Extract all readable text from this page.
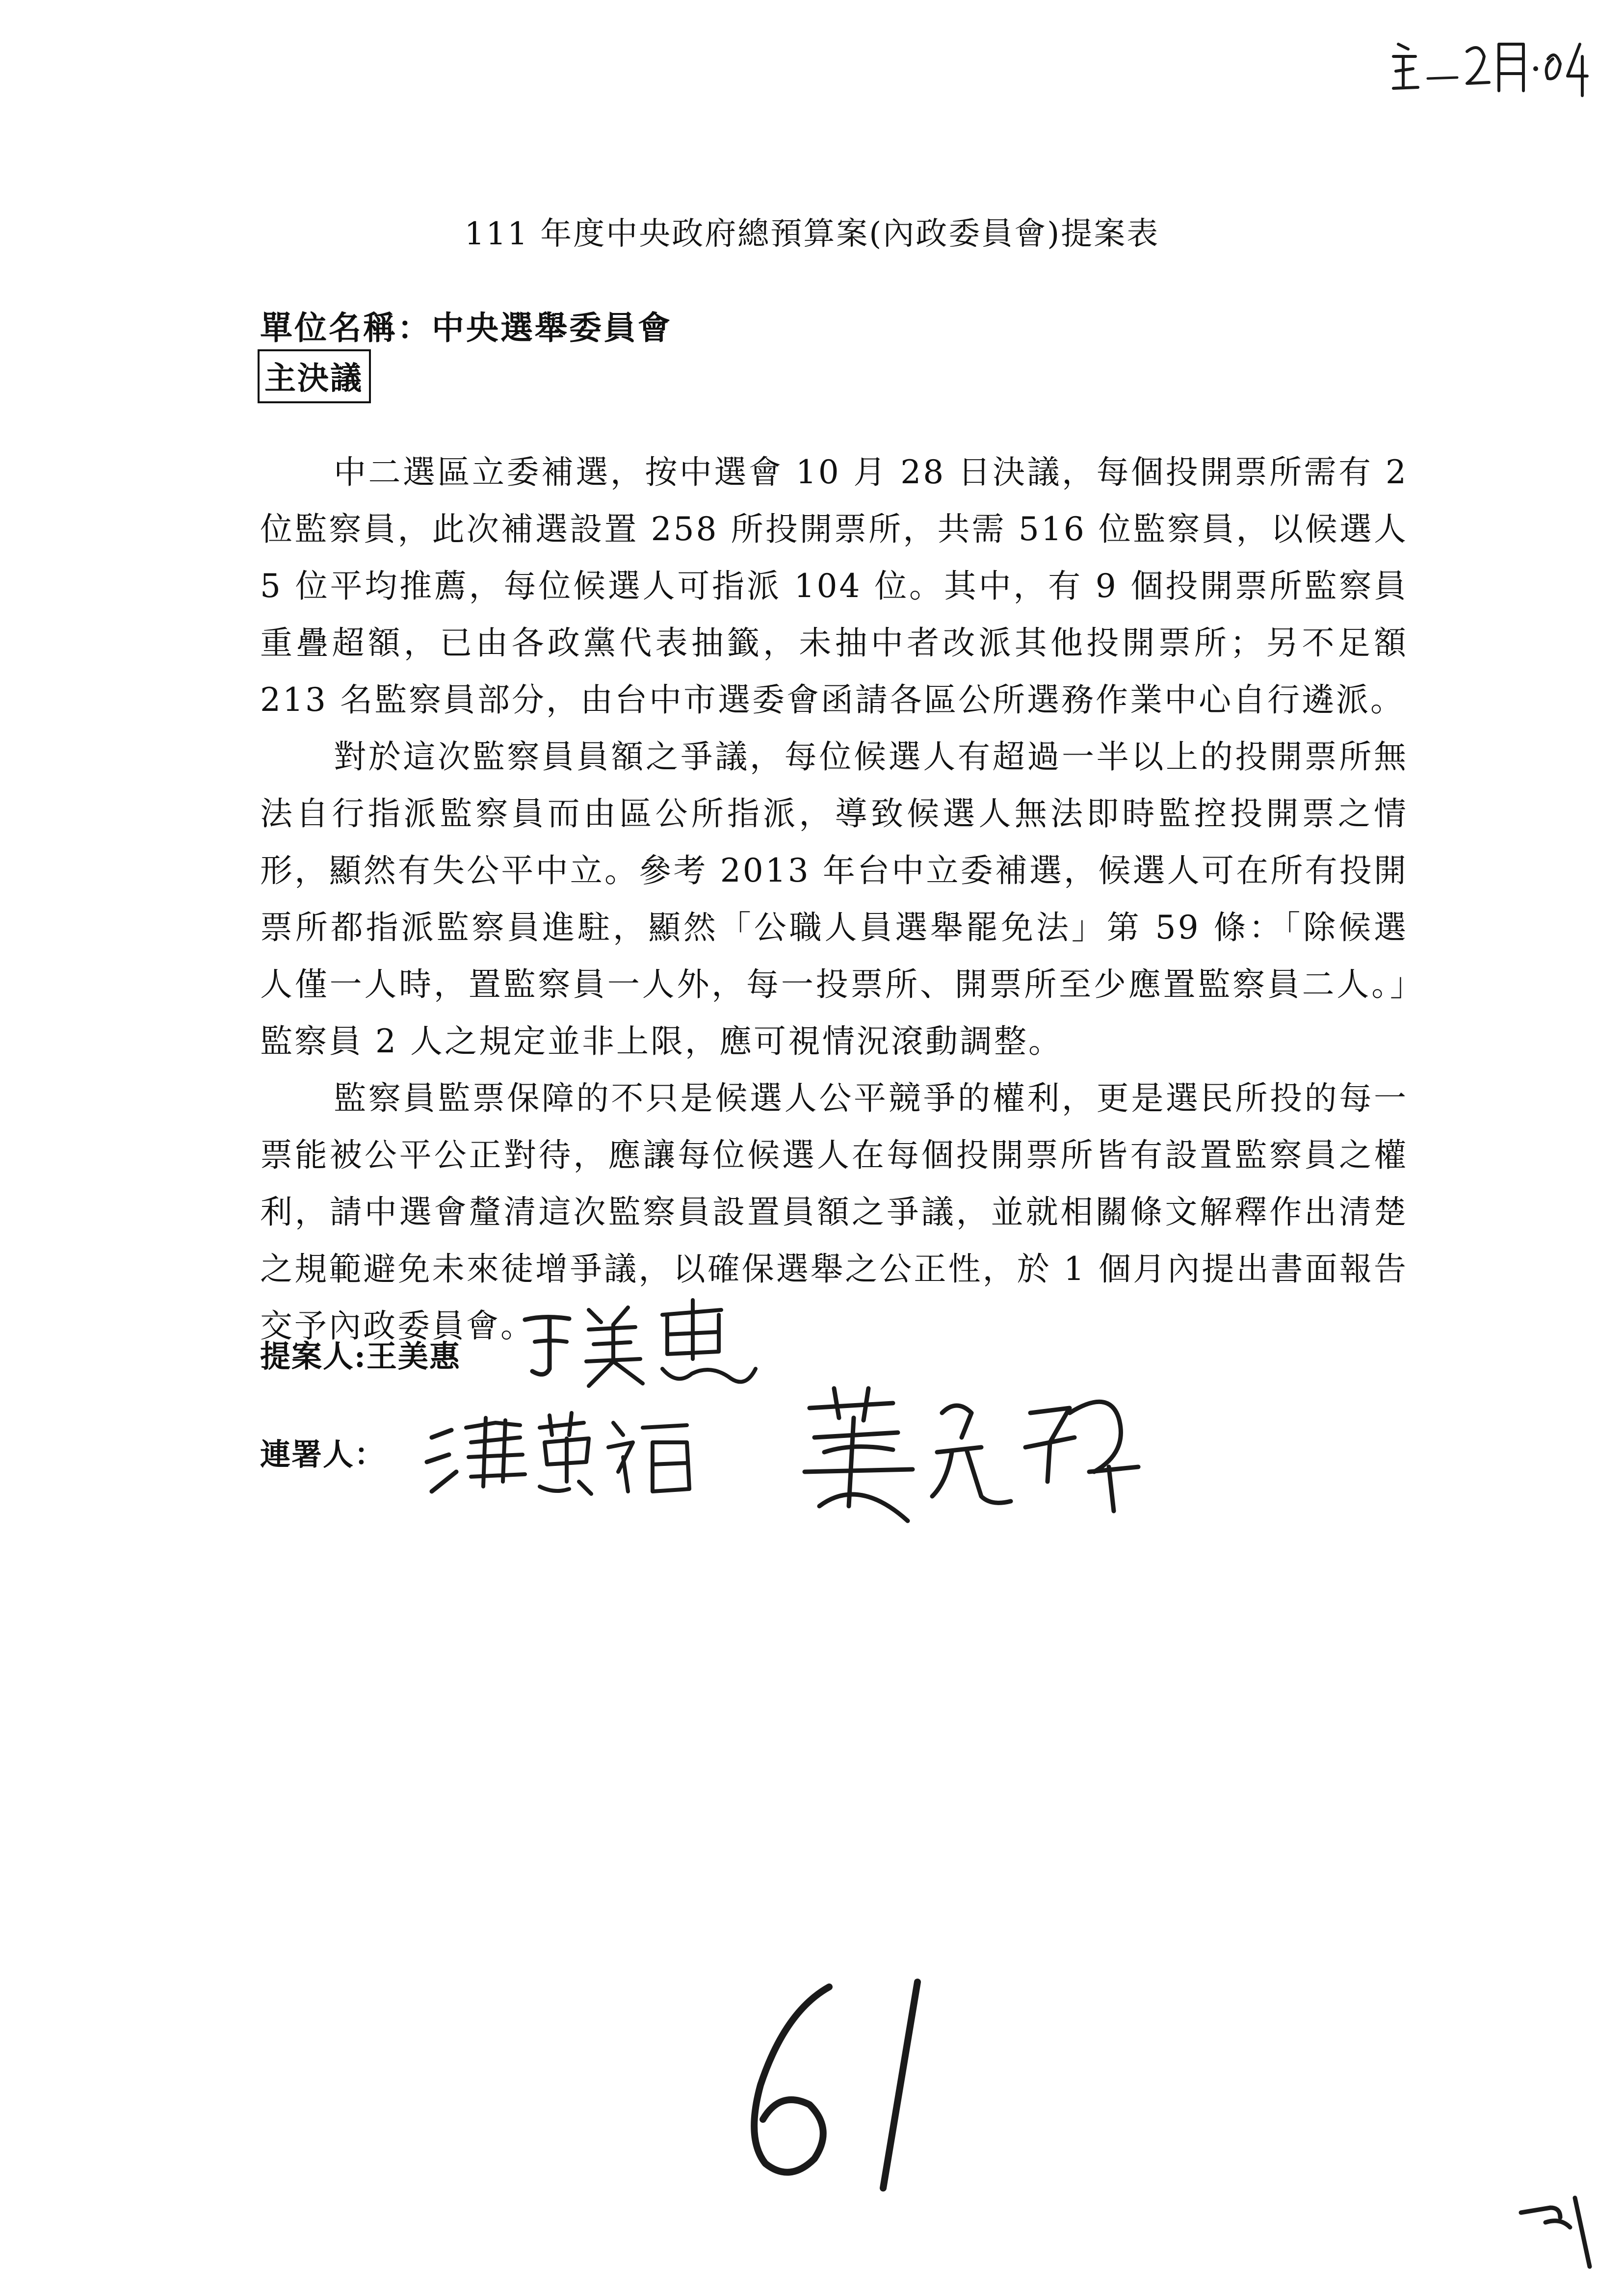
111 年度中央政府總預算案(內政委員會)提案表
單位名稱：中央選舉委員會
主決議

中二選區立委補選，按中選會 10 月 28 日決議，每個投開票所需有 2 位監察員，此次補選設置 258 所投開票所，共需 516 位監察員，以候選人 5 位平均推薦，每位候選人可指派 104 位。其中，有 9 個投開票所監察員重疊超額，已由各政黨代表抽籤，未抽中者改派其他投開票所；另不足額 213 名監察員部分，由台中市選委會函請各區公所選務作業中心自行遴派。

對於這次監察員員額之爭議，每位候選人有超過一半以上的投開票所無法自行指派監察員而由區公所指派，導致候選人無法即時監控投開票之情形，顯然有失公平中立。參考 2013 年台中立委補選，候選人可在所有投開票所都指派監察員進駐，顯然「公職人員選舉罷免法」第 59 條：「除候選人僅一人時，置監察員一人外，每一投票所、開票所至少應置監察員二人。」監察員 2 人之規定並非上限，應可視情況滾動調整。

監察員監票保障的不只是候選人公平競爭的權利，更是選民所投的每一票能被公平公正對待，應讓每位候選人在每個投開票所皆有設置監察員之權利，請中選會釐清這次監察員設置員額之爭議，並就相關條文解釋作出清楚之規範避免未來徒增爭議，以確保選舉之公正性，於 1 個月內提出書面報告交予內政委員會。

提案人:王美惠
連署人：
